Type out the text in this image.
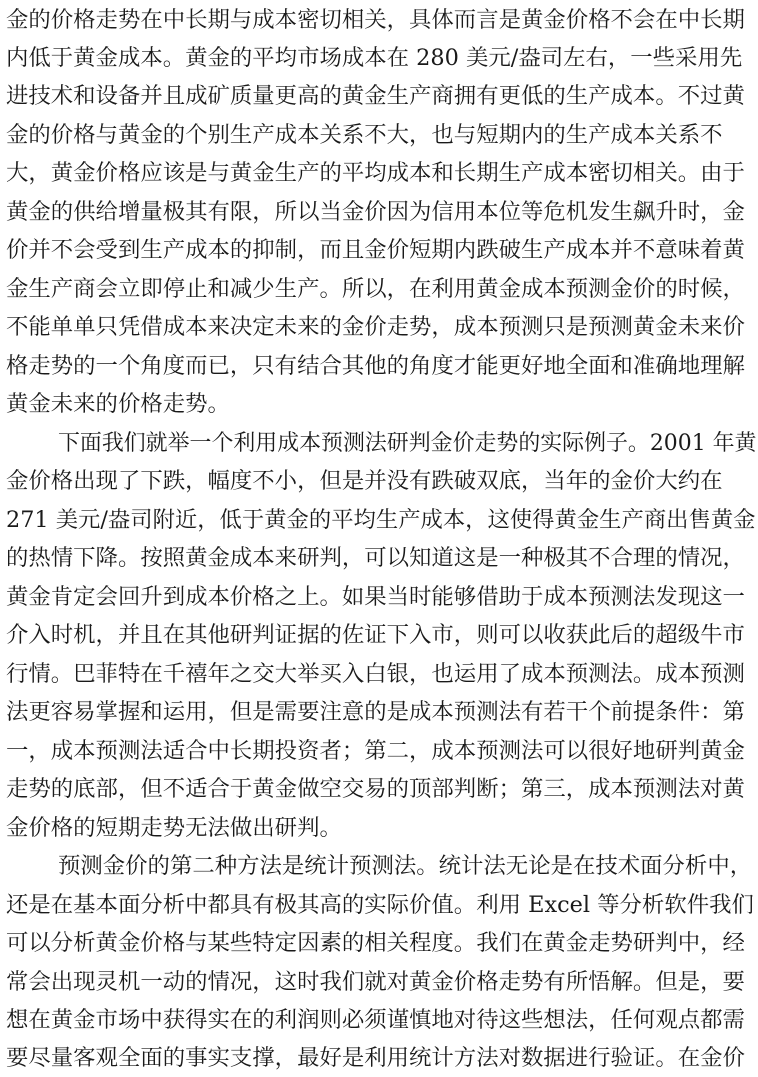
金的价格走势在中长期与成本密切相关，具体而言是黄金价格不会在中长期
内低于黄金成本。黄金的平均市场成本在 280 美元/盎司左右，一些采用先
进技术和设备并且成矿质量更高的黄金生产商拥有更低的生产成本。不过黄
金的价格与黄金的个别生产成本关系不大，也与短期内的生产成本关系不
大，黄金价格应该是与黄金生产的平均成本和长期生产成本密切相关。由于
黄金的供给增量极其有限，所以当金价因为信用本位等危机发生飙升时，金
价并不会受到生产成本的抑制，而且金价短期内跌破生产成本并不意味着黄
金生产商会立即停止和减少生产。所以，在利用黄金成本预测金价的时候，
不能单单只凭借成本来决定未来的金价走势，成本预测只是预测黄金未来价
格走势的一个角度而已，只有结合其他的角度才能更好地全面和准确地理解
黄金未来的价格走势。
下面我们就举一个利用成本预测法研判金价走势的实际例子。2001 年黄
金价格出现了下跌，幅度不小，但是并没有跌破双底，当年的金价大约在
271 美元/盎司附近，低于黄金的平均生产成本，这使得黄金生产商出售黄金
的热情下降。按照黄金成本来研判，可以知道这是一种极其不合理的情况，
黄金肯定会回升到成本价格之上。如果当时能够借助于成本预测法发现这一
介入时机，并且在其他研判证据的佐证下入市，则可以收获此后的超级牛市
行情。巴菲特在千禧年之交大举买入白银，也运用了成本预测法。成本预测
法更容易掌握和运用，但是需要注意的是成本预测法有若干个前提条件：第
一，成本预测法适合中长期投资者；第二，成本预测法可以很好地研判黄金
走势的底部，但不适合于黄金做空交易的顶部判断；第三，成本预测法对黄
金价格的短期走势无法做出研判。
预测金价的第二种方法是统计预测法。统计法无论是在技术面分析中，
还是在基本面分析中都具有极其高的实际价值。利用 Excel 等分析软件我们
可以分析黄金价格与某些特定因素的相关程度。我们在黄金走势研判中，经
常会出现灵机一动的情况，这时我们就对黄金价格走势有所悟解。但是，要
想在黄金市场中获得实在的利润则必须谨慎地对待这些想法，任何观点都需
要尽量客观全面的事实支撑，最好是利用统计方法对数据进行验证。在金价
